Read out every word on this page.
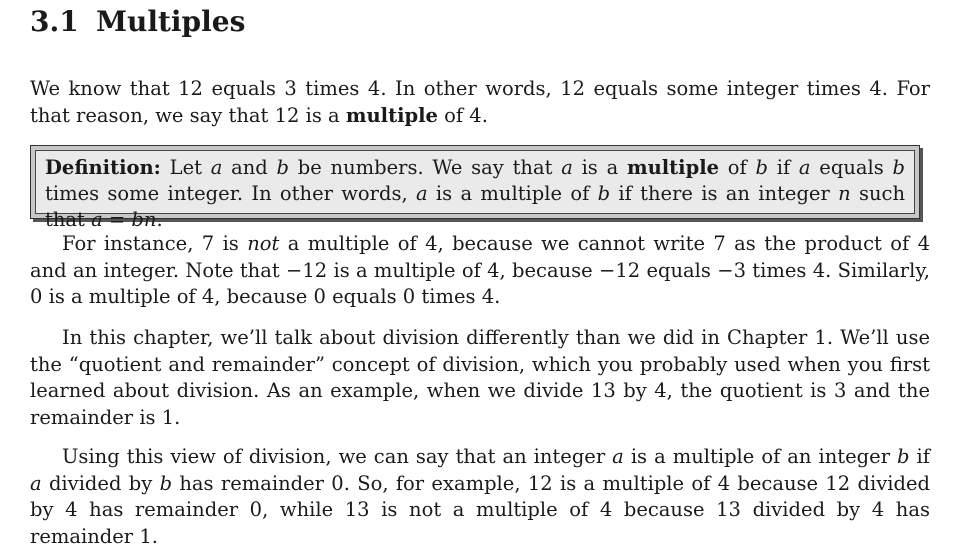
3.1 Multiples

We know that 12 equals 3 times 4. In other words, 12 equals some integer times 4. For that reason, we say that 12 is a multiple of 4.

Definition: Let a and b be numbers. We say that a is a multiple of b if a equals b times some integer. In other words, a is a multiple of b if there is an integer n such that a = bn.

For instance, 7 is not a multiple of 4, because we cannot write 7 as the product of 4 and an integer. Note that −12 is a multiple of 4, because −12 equals −3 times 4. Similarly, 0 is a multiple of 4, because 0 equals 0 times 4.

In this chapter, we’ll talk about division differently than we did in Chapter 1. We’ll use the “quotient and remainder” concept of division, which you probably used when you first learned about division. As an example, when we divide 13 by 4, the quotient is 3 and the remainder is 1.

Using this view of division, we can say that an integer a is a multiple of an integer b if a divided by b has remainder 0. So, for example, 12 is a multiple of 4 because 12 divided by 4 has remainder 0, while 13 is not a multiple of 4 because 13 divided by 4 has remainder 1.
